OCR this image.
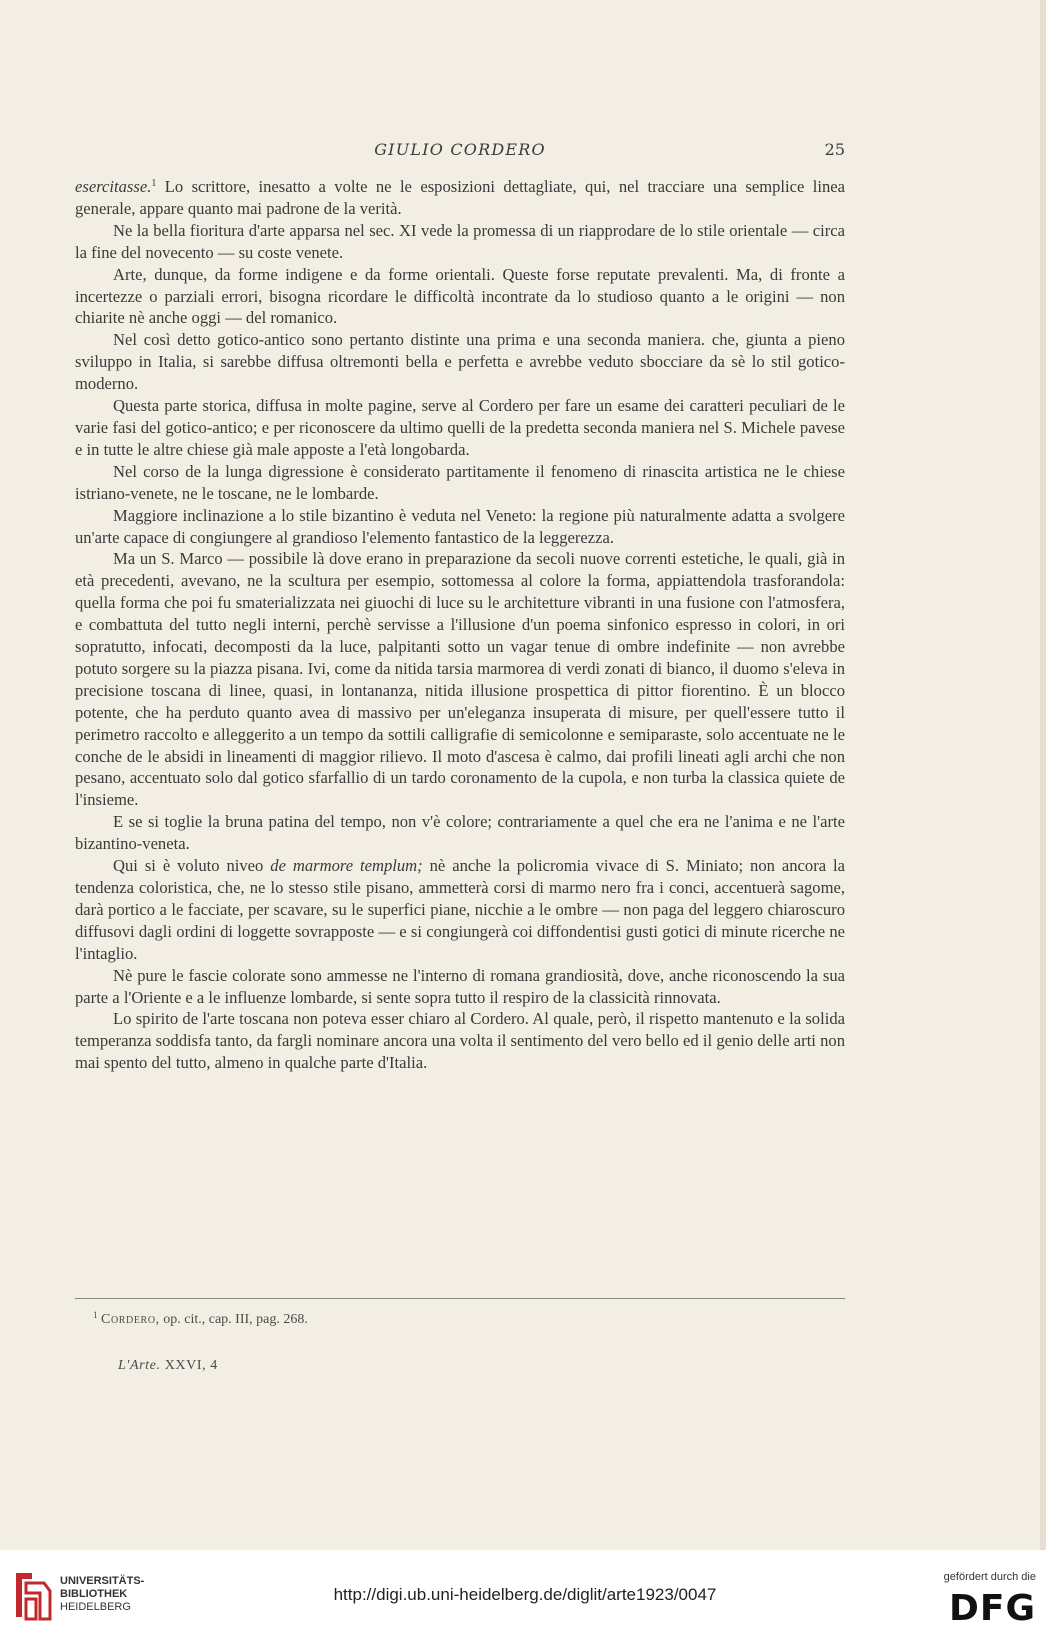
GIULIO CORDERO	25

esercitasse.$^1$ Lo scrittore, inesatto a volte ne le esposizioni dettagliate, qui, nel tracciare una semplice linea generale, appare quanto mai padrone de la verità.

Ne la bella fioritura d'arte apparsa nel sec. XI vede la promessa di un riapprodare de lo stile orientale — circa la fine del novecento — su coste venete.

Arte, dunque, da forme indigene e da forme orientali. Queste forse reputate prevalenti. Ma, di fronte a incertezze o parziali errori, bisogna ricordare le difficoltà incontrate da lo studioso quanto a le origini — non chiarite nè anche oggi — del romanico.

Nel così detto gotico-antico sono pertanto distinte una prima e una seconda maniera. che, giunta a pieno sviluppo in Italia, si sarebbe diffusa oltremonti bella e perfetta e avrebbe veduto sbocciare da sè lo stil gotico-moderno.

Questa parte storica, diffusa in molte pagine, serve al Cordero per fare un esame dei caratteri peculiari de le varie fasi del gotico-antico; e per riconoscere da ultimo quelli de la predetta seconda maniera nel S. Michele pavese e in tutte le altre chiese già male apposte a l'età longobarda.

Nel corso de la lunga digressione è considerato partitamente il fenomeno di rinascita artistica ne le chiese istriano-venete, ne le toscane, ne le lombarde.

Maggiore inclinazione a lo stile bizantino è veduta nel Veneto: la regione più naturalmente adatta a svolgere un'arte capace di congiungere al grandioso l'elemento fantastico de la leggerezza.

Ma un S. Marco — possibile là dove erano in preparazione da secoli nuove correnti estetiche, le quali, già in età precedenti, avevano, ne la scultura per esempio, sottomessa al colore la forma, appiattendola trasforandola: quella forma che poi fu smaterializzata nei giuochi di luce su le architetture vibranti in una fusione con l'atmosfera, e combattuta del tutto negli interni, perchè servisse a l'illusione d'un poema sinfonico espresso in colori, in ori sopratutto, infocati, decomposti da la luce, palpitanti sotto un vagar tenue di ombre indefinite — non avrebbe potuto sorgere su la piazza pisana. Ivi, come da nitida tarsia marmorea di verdi zonati di bianco, il duomo s'eleva in precisione toscana di linee, quasi, in lontananza, nitida illusione prospettica di pittor fiorentino. È un blocco potente, che ha perduto quanto avea di massivo per un'eleganza insuperata di misure, per quell'essere tutto il perimetro raccolto e alleggerito a un tempo da sottili calligrafie di semicolonne e semiparaste, solo accentuate ne le conche de le absidi in lineamenti di maggior rilievo. Il moto d'ascesa è calmo, dai profili lineati agli archi che non pesano, accentuato solo dal gotico sfarfallio di un tardo coronamento de la cupola, e non turba la classica quiete de l'insieme.

E se si toglie la bruna patina del tempo, non v'è colore; contrariamente a quel che era ne l'anima e ne l'arte bizantino-veneta.

Qui si è voluto niveo de marmore templum; nè anche la policromia vivace di S. Miniato; non ancora la tendenza coloristica, che, ne lo stesso stile pisano, ammetterà corsi di marmo nero fra i conci, accentuerà sagome, darà portico a le facciate, per scavare, su le superfici piane, nicchie a le ombre — non paga del leggero chiaroscuro diffusovi dagli ordini di loggette sovrapposte — e si congiungerà coi diffondentisi gusti gotici di minute ricerche ne l'intaglio.

Nè pure le fascie colorate sono ammesse ne l'interno di romana grandiosità, dove, anche riconoscendo la sua parte a l'Oriente e a le influenze lombarde, si sente sopra tutto il respiro de la classicità rinnovata.

Lo spirito de l'arte toscana non poteva esser chiaro al Cordero. Al quale, però, il rispetto mantenuto e la solida temperanza soddisfa tanto, da fargli nominare ancora una volta il sentimento del vero bello ed il genio delle arti non mai spento del tutto, almeno in qualche parte d'Italia.

$^1$ Cordero, op. cit., cap. III, pag. 268.
L'Arte. XXVI, 4
UNIVERSITÄTS-
BIBLIOTHEK
HEIDELBERG
http://digi.ub.uni-heidelberg.de/diglit/arte1923/0047
gefördert durch die
DFG
